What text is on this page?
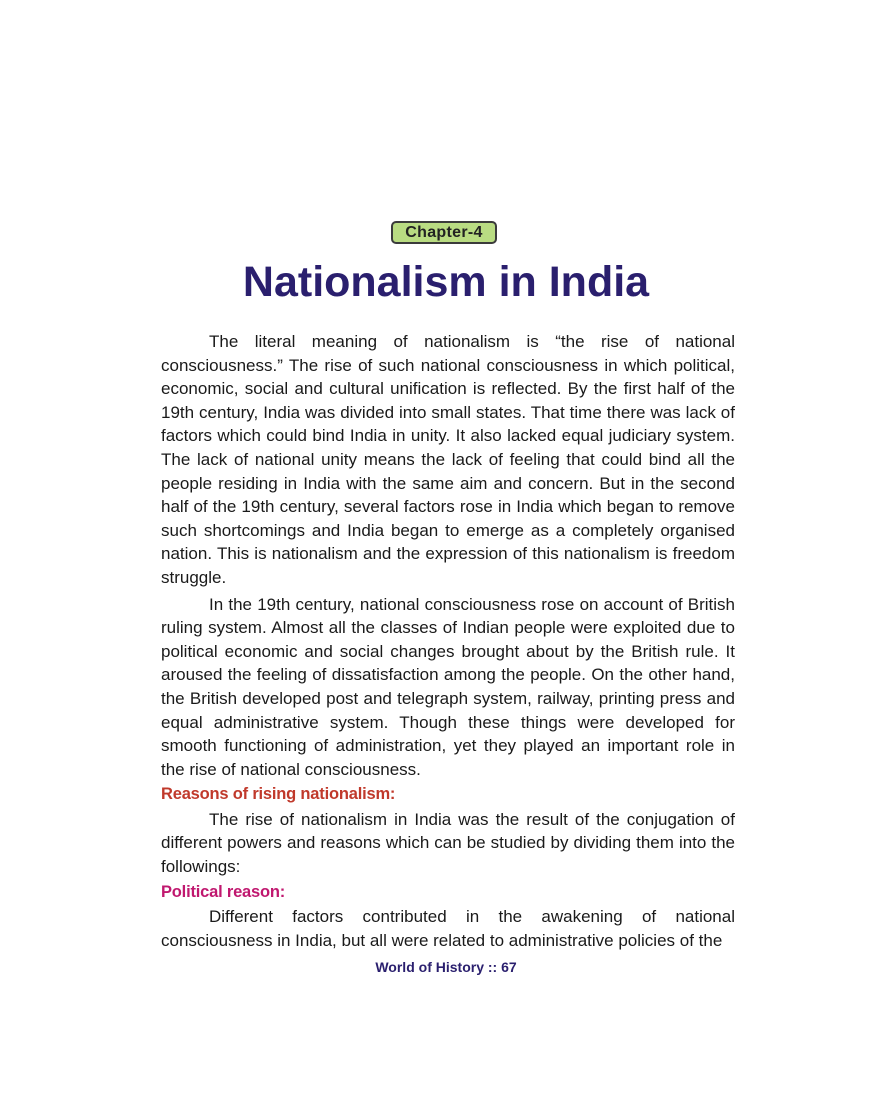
Chapter-4
Nationalism in India

The literal meaning of nationalism is “the rise of national consciousness.” The rise of such national consciousness in which political, economic, social and cultural unification is reflected. By the first half of the 19th century, India was divided into small states. That time there was lack of factors which could bind India in unity. It also lacked equal judiciary system. The lack of national unity means the lack of feeling that could bind all the people residing in India with the same aim and concern. But in the second half of the 19th century, several factors rose in India which began to remove such shortcomings and India began to emerge as a completely organised nation. This is nationalism and the expression of this nationalism is freedom struggle.

In the 19th century, national consciousness rose on account of British ruling system. Almost all the classes of Indian people were exploited due to political economic and social changes brought about by the British rule. It aroused the feeling of dissatisfaction among the people. On the other hand, the British developed post and telegraph system, railway, printing press and equal administrative system. Though these things were developed for smooth functioning of administration, yet they played an important role in the rise of national consciousness.

Reasons of rising nationalism:

The rise of nationalism in India was the result of the conjugation of different powers and reasons which can be studied by dividing them into the followings:

Political reason:

Different factors contributed in the awakening of national consciousness in India, but all were related to administrative policies of the

World of History :: 67
